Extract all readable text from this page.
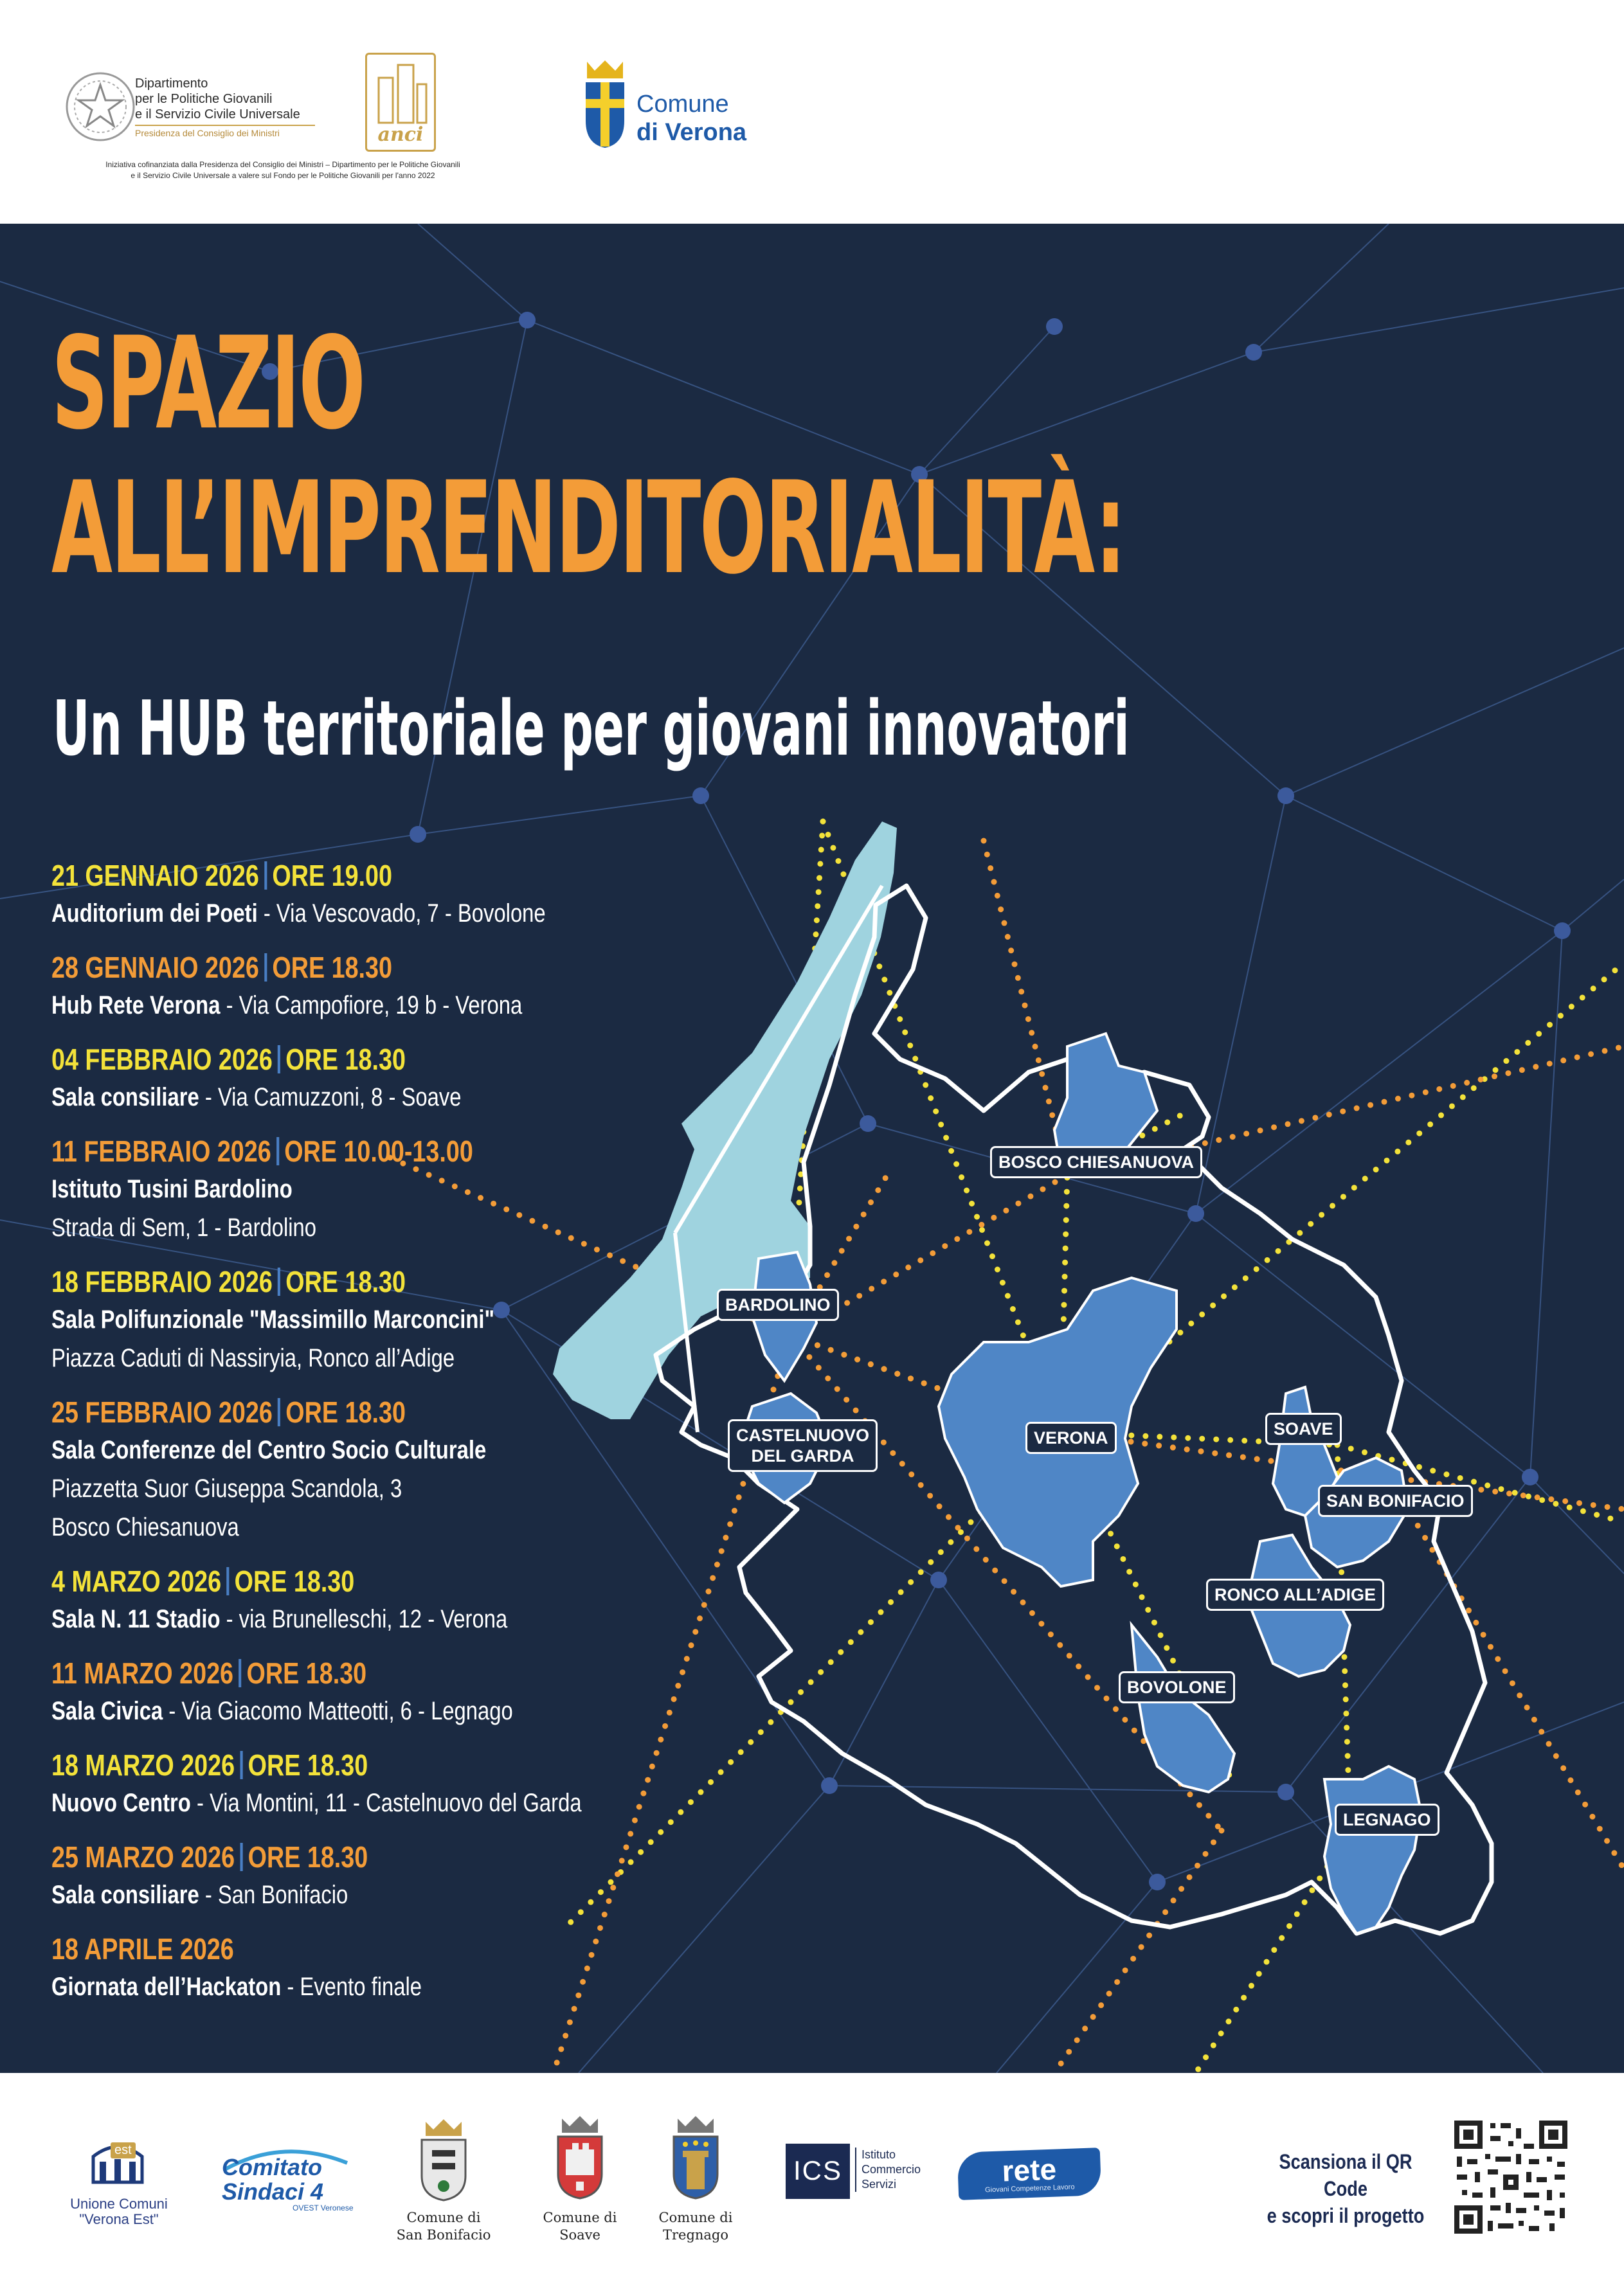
Dipartimento
per le Politiche Giovanili
e il Servizio Civile Universale
Presidenza del Consiglio dei Ministri	anci
Iniziativa cofinanziata dalla Presidenza del Consiglio dei Ministri – Dipartimento per le Politiche Giovanili
e il Servizio Civile Universale a valere sul Fondo per le Politiche Giovanili per l'anno 2022
Comune
di Verona
SPAZIO
ALL’IMPRENDITORIALITÀ:
Un HUB territoriale per giovani innovatori
BOSCO CHIESANUOVA
BARDOLINO
CASTELNUOVO
DEL GARDA
VERONA	SOAVE
SAN BONIFACIO
RONCO ALL’ADIGE
BOVOLONE
LEGNAGO
21 GENNAIO 2026 ORE 19.00
Auditorium dei Poeti - Via Vescovado, 7 - Bovolone
28 GENNAIO 2026 ORE 18.30
Hub Rete Verona - Via Campofiore, 19 b - Verona
04 FEBBRAIO 2026 ORE 18.30
Sala consiliare - Via Camuzzoni, 8 - Soave
11 FEBBRAIO 2026 ORE 10.00-13.00
Istituto Tusini Bardolino
Strada di Sem, 1 - Bardolino
18 FEBBRAIO 2026 ORE 18.30
Sala Polifunzionale "Massimillo Marconcini"
Piazza Caduti di Nassiryia, Ronco all’Adige
25 FEBBRAIO 2026 ORE 18.30
Sala Conferenze del Centro Socio Culturale
Piazzetta Suor Giuseppa Scandola, 3
Bosco Chiesanuova
4 MARZO 2026 ORE 18.30
Sala N. 11 Stadio - via Brunelleschi, 12 - Verona
11 MARZO 2026 ORE 18.30
Sala Civica - Via Giacomo Matteotti, 6 - Legnago
18 MARZO 2026 ORE 18.30
Nuovo Centro - Via Montini, 11 - Castelnuovo del Garda
25 MARZO 2026 ORE 18.30
Sala consiliare - San Bonifacio
18 APRILE 2026
Giornata dell’Hackaton - Evento finale
est
Unione Comuni
"Verona Est"
Comitato
Sindaci 4
OVEST Veronese
Comune di
San Bonifacio
Comune di
Soave
Comune di
Tregnago
ICS
Istituto
Commercio
Servizi	rete
Giovani Competenze Lavoro
Scansiona il QR Code
e scopri il progetto
